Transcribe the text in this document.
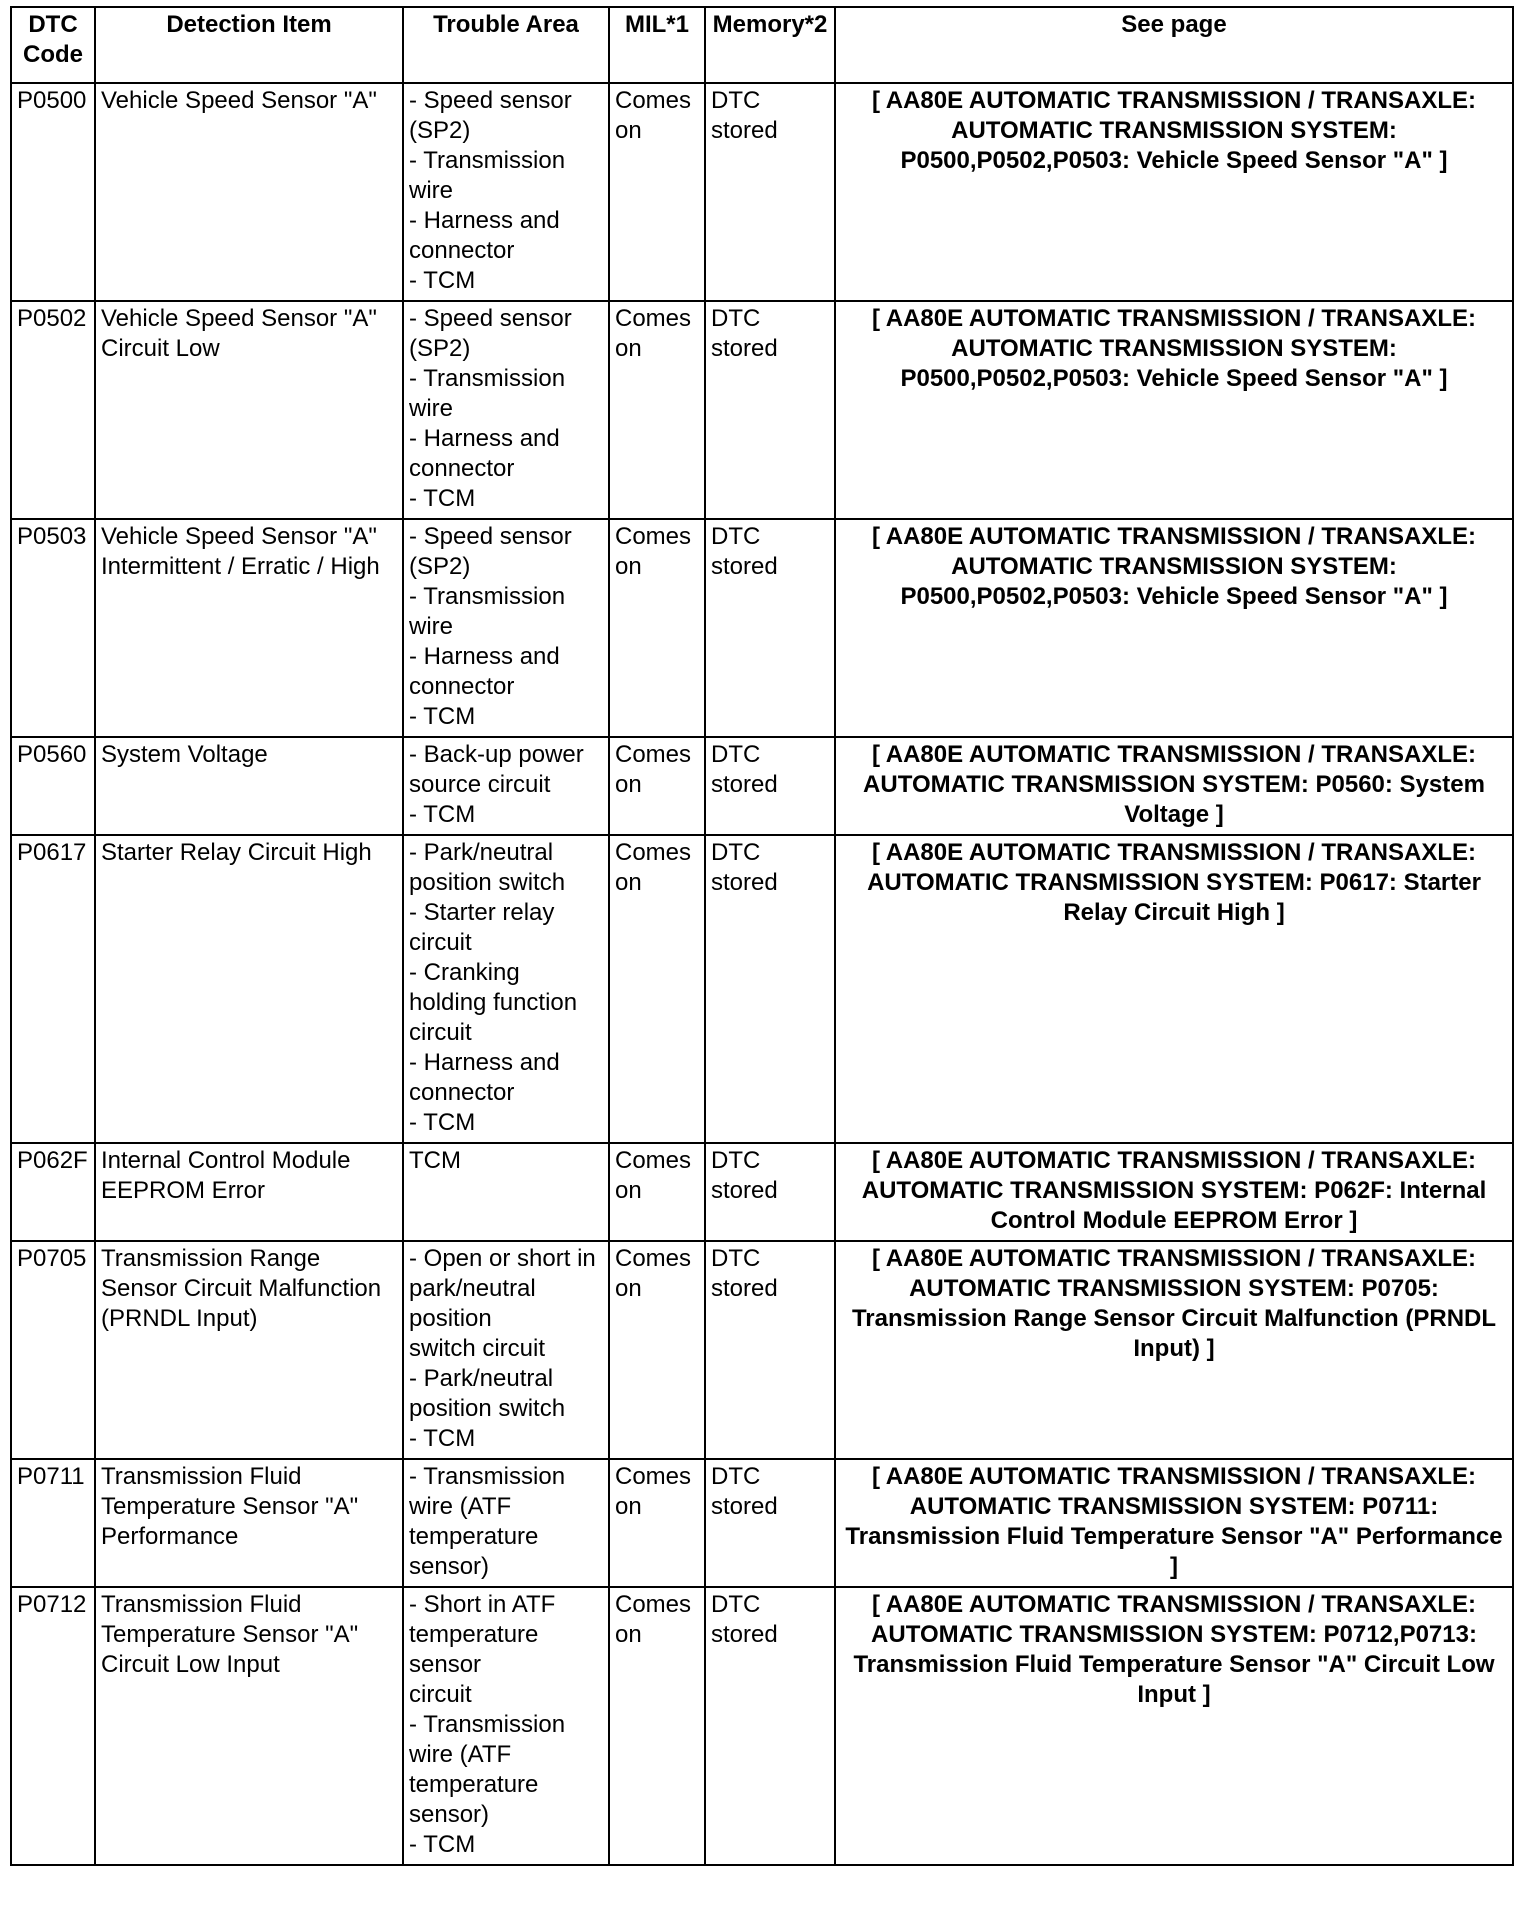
DTC Code	Detection Item	Trouble Area	MIL*1	Memory*2	See page
P0500	Vehicle Speed Sensor "A"	- Speed sensor (SP2)
- Transmission wire
- Harness and connector
- TCM	Comes on	DTC stored	[ AA80E AUTOMATIC TRANSMISSION / TRANSAXLE: AUTOMATIC TRANSMISSION SYSTEM: P0500,P0502,P0503: Vehicle Speed Sensor "A" ]
P0502	Vehicle Speed Sensor "A" Circuit Low	- Speed sensor (SP2)
- Transmission wire
- Harness and connector
- TCM	Comes on	DTC stored	[ AA80E AUTOMATIC TRANSMISSION / TRANSAXLE: AUTOMATIC TRANSMISSION SYSTEM: P0500,P0502,P0503: Vehicle Speed Sensor "A" ]
P0503	Vehicle Speed Sensor "A" Intermittent / Erratic / High	- Speed sensor (SP2)
- Transmission wire
- Harness and connector
- TCM	Comes on	DTC stored	[ AA80E AUTOMATIC TRANSMISSION / TRANSAXLE: AUTOMATIC TRANSMISSION SYSTEM: P0500,P0502,P0503: Vehicle Speed Sensor "A" ]
P0560	System Voltage	- Back-up power source circuit
- TCM	Comes on	DTC stored	[ AA80E AUTOMATIC TRANSMISSION / TRANSAXLE: AUTOMATIC TRANSMISSION SYSTEM: P0560: System Voltage ]
P0617	Starter Relay Circuit High	- Park/neutral position switch
- Starter relay circuit
- Cranking holding function circuit
- Harness and connector
- TCM	Comes on	DTC stored	[ AA80E AUTOMATIC TRANSMISSION / TRANSAXLE: AUTOMATIC TRANSMISSION SYSTEM: P0617: Starter Relay Circuit High ]
P062F	Internal Control Module EEPROM Error	TCM	Comes on	DTC stored	[ AA80E AUTOMATIC TRANSMISSION / TRANSAXLE: AUTOMATIC TRANSMISSION SYSTEM: P062F: Internal Control Module EEPROM Error ]
P0705	Transmission Range Sensor Circuit Malfunction (PRNDL Input)	- Open or short in park/neutral position
switch circuit
- Park/neutral position switch
- TCM	Comes on	DTC stored	[ AA80E AUTOMATIC TRANSMISSION / TRANSAXLE: AUTOMATIC TRANSMISSION SYSTEM: P0705: Transmission Range Sensor Circuit Malfunction (PRNDL Input) ]
P0711	Transmission Fluid Temperature Sensor "A" Performance	- Transmission wire (ATF temperature sensor)	Comes on	DTC stored	[ AA80E AUTOMATIC TRANSMISSION / TRANSAXLE: AUTOMATIC TRANSMISSION SYSTEM: P0711: Transmission Fluid Temperature Sensor "A" Performance ]
P0712	Transmission Fluid Temperature Sensor "A" Circuit Low Input	- Short in ATF temperature sensor
circuit
- Transmission wire (ATF temperature sensor)
- TCM	Comes on	DTC stored	[ AA80E AUTOMATIC TRANSMISSION / TRANSAXLE: AUTOMATIC TRANSMISSION SYSTEM: P0712,P0713: Transmission Fluid Temperature Sensor "A" Circuit Low Input ]
